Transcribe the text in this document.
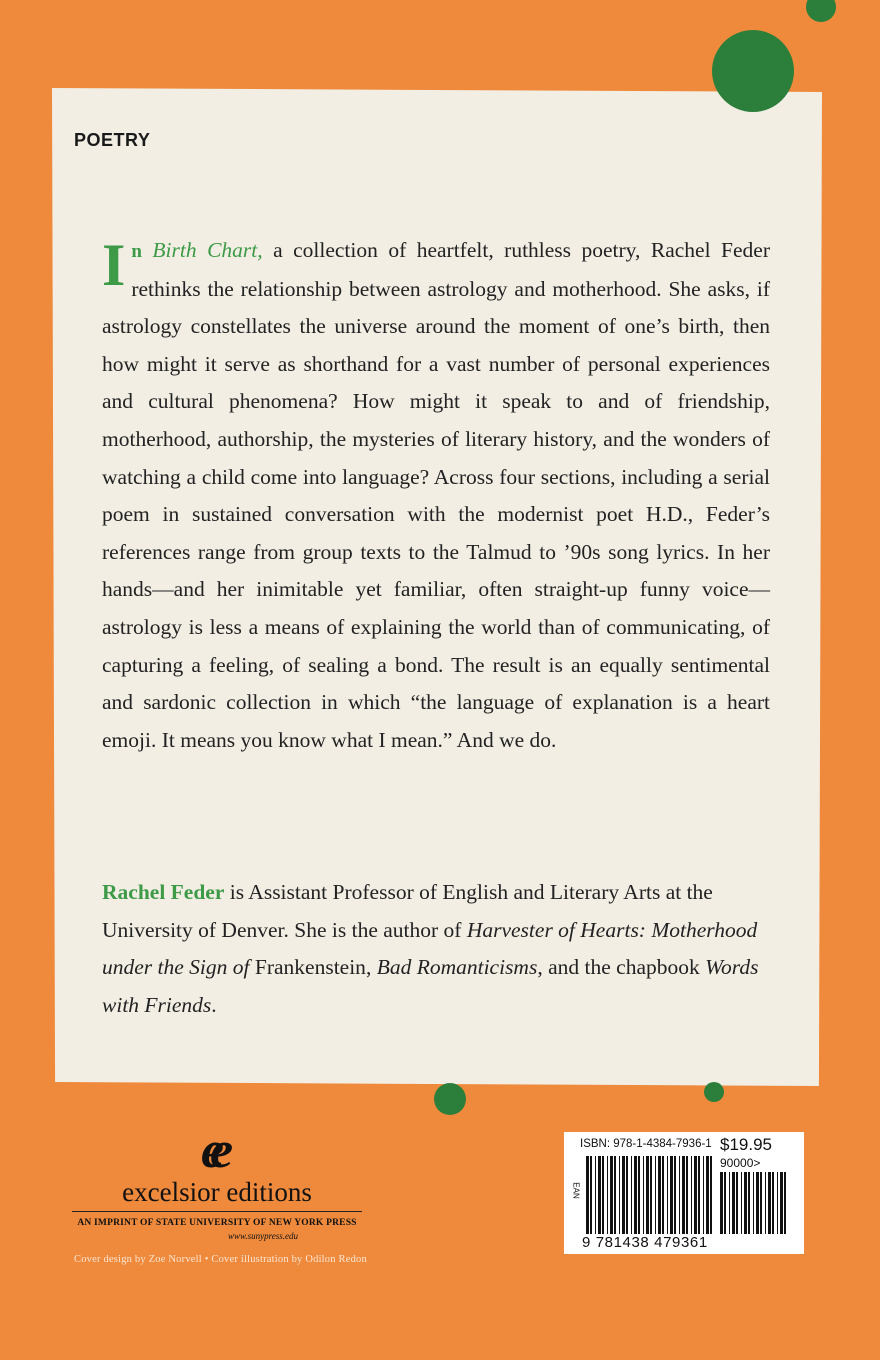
POETRY
In Birth Chart, a collection of heartfelt, ruthless poetry, Rachel Feder rethinks the relationship between astrology and motherhood. She asks, if astrology constellates the universe around the moment of one’s birth, then how might it serve as shorthand for a vast number of personal experiences and cultural phenomena? How might it speak to and of friendship, motherhood, authorship, the mysteries of literary history, and the wonders of watching a child come into language? Across four sections, including a serial poem in sustained conversation with the modernist poet H.D., Feder’s references range from group texts to the Talmud to ’90s song lyrics. In her hands—and her inimitable yet familiar, often straight-up funny voice—astrology is less a means of explaining the world than of communicating, of capturing a feeling, of sealing a bond. The result is an equally sentimental and sardonic collection in which “the language of explanation is a heart emoji. It means you know what I mean.” And we do.
Rachel Feder is Assistant Professor of English and Literary Arts at the University of Denver. She is the author of Harvester of Hearts: Motherhood under the Sign of Frankenstein, Bad Romanticisms, and the chapbook Words with Friends.
ee
excelsior editions
AN IMPRINT OF STATE UNIVERSITY OF NEW YORK PRESS
www.sunypress.edu
Cover design by Zoe Norvell • Cover illustration by Odilon Redon
ISBN: 978-1-4384-7936-1 $19.95
90000>
EAN
9 781438 479361
